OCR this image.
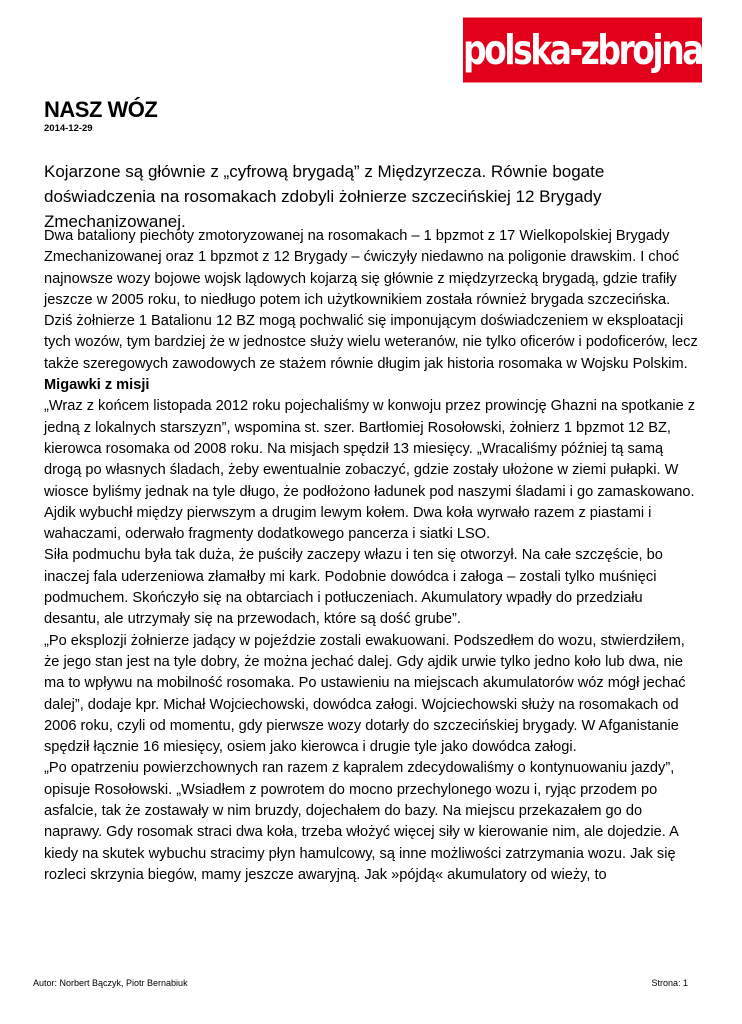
polska-zbrojna.pl
NASZ WÓZ
2014-12-29

Kojarzone są głównie z „cyfrową brygadą” z Międzyrzecza. Równie bogate doświadczenia na rosomakach zdobyli żołnierze szczecińskiej 12 Brygady Zmechanizowanej.

Dwa bataliony piechoty zmotoryzowanej na rosomakach – 1 bpzmot z 17 Wielkopolskiej Brygady Zmechanizowanej oraz 1 bpzmot z 12 Brygady – ćwiczyły niedawno na poligonie drawskim. I choć najnowsze wozy bojowe wojsk lądowych kojarzą się głównie z międzyrzecką brygadą, gdzie trafiły jeszcze w 2005 roku, to niedługo potem ich użytkownikiem została również brygada szczecińska. Dziś żołnierze 1 Batalionu 12 BZ mogą pochwalić się imponującym doświadczeniem w eksploatacji tych wozów, tym bardziej że w jednostce służy wielu weteranów, nie tylko oficerów i podoficerów, lecz także szeregowych zawodowych ze stażem równie długim jak historia rosomaka w Wojsku Polskim.

Migawki z misji

„Wraz z końcem listopada 2012 roku pojechaliśmy w konwoju przez prowincję Ghazni na spotkanie z jedną z lokalnych starszyzn”, wspomina st. szer. Bartłomiej Rosołowski, żołnierz 1 bpzmot 12 BZ, kierowca rosomaka od 2008 roku. Na misjach spędził 13 miesięcy. „Wracaliśmy później tą samą drogą po własnych śladach, żeby ewentualnie zobaczyć, gdzie zostały ułożone w ziemi pułapki. W wiosce byliśmy jednak na tyle długo, że podłożono ładunek pod naszymi śladami i go zamaskowano. Ajdik wybuchł między pierwszym a drugim lewym kołem. Dwa koła wyrwało razem z piastami i wahaczami, oderwało fragmenty dodatkowego pancerza i siatki LSO.

Siła podmuchu była tak duża, że puściły zaczepy włazu i ten się otworzył. Na całe szczęście, bo inaczej fala uderzeniowa złamałby mi kark. Podobnie dowódca i załoga – zostali tylko muśnięci podmuchem. Skończyło się na obtarciach i potłuczeniach. Akumulatory wpadły do przedziału desantu, ale utrzymały się na przewodach, które są dość grube”.

„Po eksplozji żołnierze jadący w pojeździe zostali ewakuowani. Podszedłem do wozu, stwierdziłem, że jego stan jest na tyle dobry, że można jechać dalej. Gdy ajdik urwie tylko jedno koło lub dwa, nie ma to wpływu na mobilność rosomaka. Po ustawieniu na miejscach akumulatorów wóz mógł jechać dalej”, dodaje kpr. Michał Wojciechowski, dowódca załogi. Wojciechowski służy na rosomakach od 2006 roku, czyli od momentu, gdy pierwsze wozy dotarły do szczecińskiej brygady. W Afganistanie spędził łącznie 16 miesięcy, osiem jako kierowca i drugie tyle jako dowódca załogi.

„Po opatrzeniu powierzchownych ran razem z kapralem zdecydowaliśmy o kontynuowaniu jazdy”, opisuje Rosołowski. „Wsiadłem z powrotem do mocno przechylonego wozu i, ryjąc przodem po asfalcie, tak że zostawały w nim bruzdy, dojechałem do bazy. Na miejscu przekazałem go do naprawy. Gdy rosomak straci dwa koła, trzeba włożyć więcej siły w kierowanie nim, ale dojedzie. A kiedy na skutek wybuchu stracimy płyn hamulcowy, są inne możliwości zatrzymania wozu. Jak się rozleci skrzynia biegów, mamy jeszcze awaryjną. Jak »pójdą« akumulatory od wieży, to

Autor: Norbert Bączyk, Piotr Bernabiuk	Strona: 1
